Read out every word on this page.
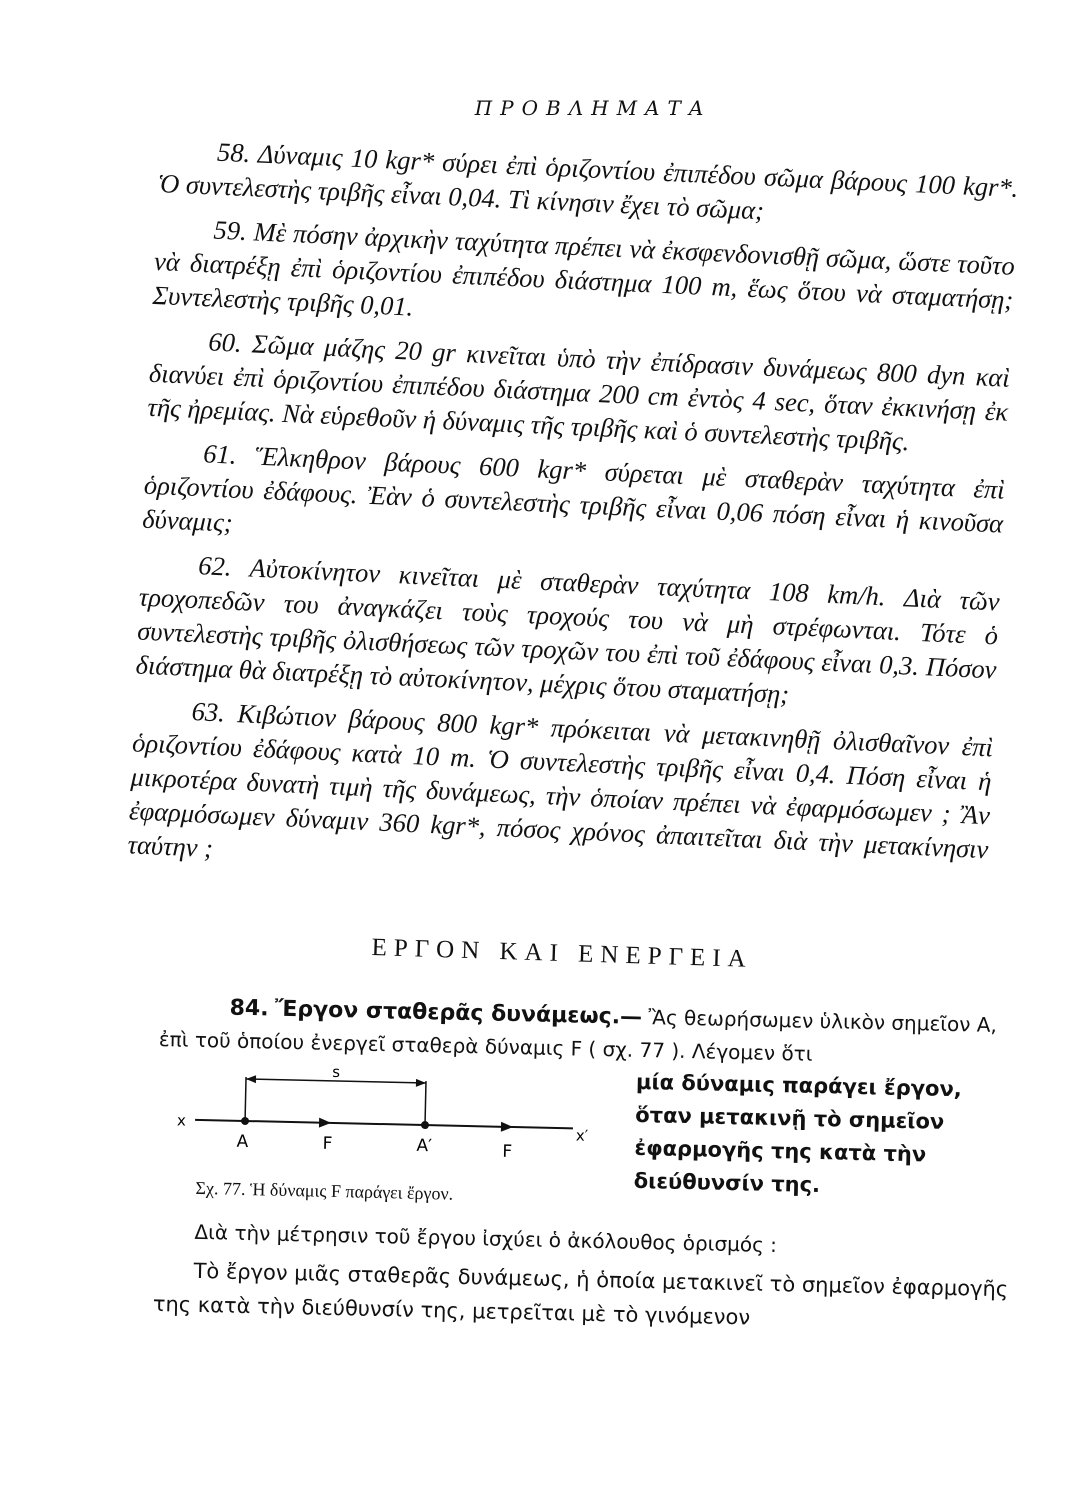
ΠΡΟΒΛΗΜΑΤΑ

58. Δύναμις 10 kgr* σύρει ἐπὶ ὁριζοντίου ἐπιπέδου σῶμα βάρους 100 kgr*. Ὁ συντελεστὴς τριβῆς εἶναι 0,04. Τὶ κίνησιν ἔχει τὸ σῶμα;

59. Μὲ πόσην ἀρχικὴν ταχύτητα πρέπει νὰ ἐκσφενδονισθῇ σῶμα, ὥστε τοῦτο νὰ διατρέξῃ ἐπὶ ὁριζοντίου ἐπιπέδου διάστημα 100 m, ἕως ὅτου νὰ σταματήσῃ; Συντελεστὴς τριβῆς 0,01.

60. Σῶμα μάζης 20 gr κινεῖται ὑπὸ τὴν ἐπίδρασιν δυνάμεως 800 dyn καὶ διανύει ἐπὶ ὁριζοντίου ἐπιπέδου διάστημα 200 cm ἐντὸς 4 sec, ὅταν ἐκκινήσῃ ἐκ τῆς ἠρεμίας. Νὰ εὑρεθοῦν ἡ δύναμις τῆς τριβῆς καὶ ὁ συντελεστὴς τριβῆς.

61. Ἕλκηθρον βάρους 600 kgr* σύρεται μὲ σταθερὰν ταχύτητα ἐπὶ ὁριζοντίου ἐδάφους. Ἐὰν ὁ συντελεστὴς τριβῆς εἶναι 0,06 πόση εἶναι ἡ κινοῦσα δύναμις;

62. Αὐτοκίνητον κινεῖται μὲ σταθερὰν ταχύτητα 108 km/h. Διὰ τῶν τροχοπεδῶν του ἀναγκάζει τοὺς τροχούς του νὰ μὴ στρέφωνται. Τότε ὁ συντελεστὴς τριβῆς ὀλισθήσεως τῶν τροχῶν του ἐπὶ τοῦ ἐδάφους εἶναι 0,3. Πόσον διάστημα θὰ διατρέξῃ τὸ αὐτοκίνητον, μέχρις ὅτου σταματήσῃ;

63. Κιβώτιον βάρους 800 kgr* πρόκειται νὰ μετακινηθῇ ὀλισθαῖνον ἐπὶ ὁριζοντίου ἐδάφους κατὰ 10 m. Ὁ συντελεστὴς τριβῆς εἶναι 0,4. Πόση εἶναι ἡ μικροτέρα δυνατὴ τιμὴ τῆς δυνάμεως, τὴν ὁποίαν πρέπει νὰ ἐφαρμόσωμεν ; Ἂν ἐφαρμόσωμεν δύναμιν 360 kgr*, πόσος χρόνος ἀπαιτεῖται διὰ τὴν μετακίνησιν ταύτην ;

ΕΡΓΟΝ ΚΑΙ ΕΝΕΡΓΕΙΑ

84. Ἔργον σταθερᾶς δυνάμεως.— Ἂς θεωρήσωμεν ὑλικὸν σημεῖον Α, ἐπὶ τοῦ ὁποίου ἐνεργεῖ σταθερὰ δύναμις F ( σχ. 77 ). Λέγομεν ὅτι

x
x′
A	F	A′	F
s
Σχ. 77. Ἡ δύναμις F παράγει ἔργον.
μία δύναμις παράγει ἔργον, ὅταν μετακινῇ τὸ σημεῖον ἐφαρμογῆς της κατὰ τὴν διεύθυνσίν της.

Διὰ τὴν μέτρησιν τοῦ ἔργου ἰσχύει ὁ ἀκόλουθος ὁρισμός :

Τὸ ἔργον μιᾶς σταθερᾶς δυνάμεως, ἡ ὁποία μετακινεῖ τὸ σημεῖον ἐφαρμογῆς της κατὰ τὴν διεύθυνσίν της, μετρεῖται μὲ τὸ γινόμενον
